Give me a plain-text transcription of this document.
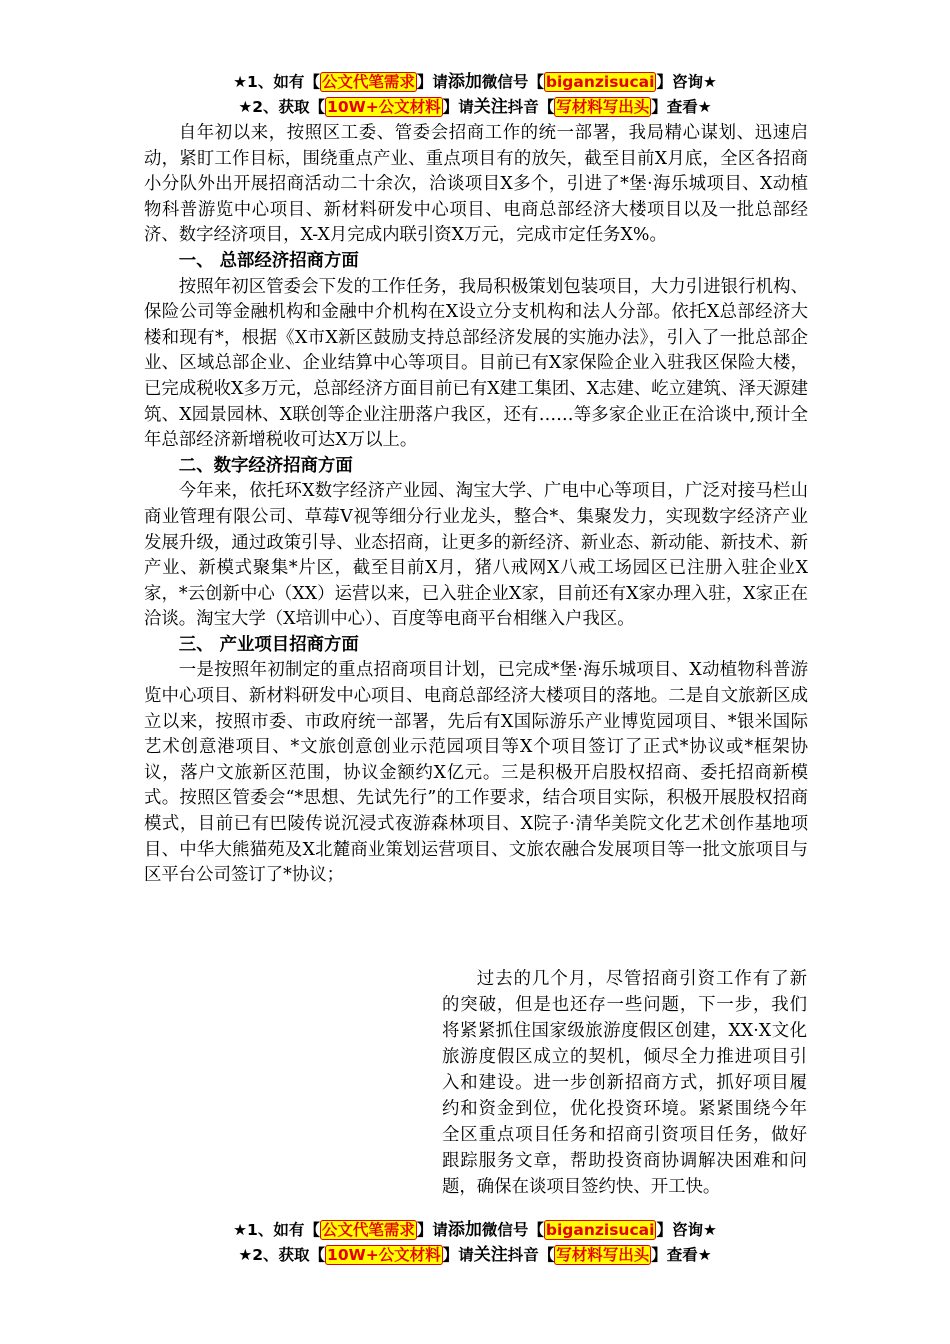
★1、如有【 公文代笔需求 】请添加微信号【 biganzisucai 】咨询★
★2、获取【 10W+公文材料 】请关注抖音【 写材料写出头 】查看★

自年初以来，按照区工委、管委会招商工作的统一部署，我局精心谋划、迅速启动，紧盯工作目标，围绕重点产业、重点项目有的放矢，截至目前X月底，全区各招商小分队外出开展招商活动二十余次，洽谈项目X多个，引进了*堡·海乐城项目、X动植物科普游览中心项目、新材料研发中心项目、电商总部经济大楼项目以及一批总部经济、数字经济项目，X-X月完成内联引资X万元，完成市定任务X%。

一、 总部经济招商方面

按照年初区管委会下发的工作任务，我局积极策划包装项目，大力引进银行机构、保险公司等金融机构和金融中介机构在X设立分支机构和法人分部。依托X总部经济大楼和现有*，根据《X市X新区鼓励支持总部经济发展的实施办法》，引入了一批总部企业、区域总部企业、企业结算中心等项目。目前已有X家保险企业入驻我区保险大楼，已完成税收X多万元，总部经济方面目前已有X建工集团、X志建、屹立建筑、泽天源建筑、X园景园林、X联创等企业注册落户我区，还有……等多家企业正在洽谈中,预计全年总部经济新增税收可达X万以上。

二、数字经济招商方面

今年来，依托环X数字经济产业园、淘宝大学、广电中心等项目，广泛对接马栏山商业管理有限公司、草莓V视等细分行业龙头，整合*、集聚发力，实现数字经济产业发展升级，通过政策引导、业态招商，让更多的新经济、新业态、新动能、新技术、新产业、新模式聚集*片区，截至目前X月，猪八戒网X八戒工场园区已注册入驻企业X家，*云创新中心（XX）运营以来，已入驻企业X家，目前还有X家办理入驻，X家正在洽谈。淘宝大学（X培训中心）、百度等电商平台相继入户我区。

三、 产业项目招商方面

一是按照年初制定的重点招商项目计划，已完成*堡·海乐城项目、X动植物科普游览中心项目、新材料研发中心项目、电商总部经济大楼项目的落地。二是自文旅新区成立以来，按照市委、市政府统一部署，先后有X国际游乐产业博览园项目、*银米国际艺术创意港项目、*文旅创意创业示范园项目等X个项目签订了正式*协议或*框架协议，落户文旅新区范围，协议金额约X亿元。三是积极开启股权招商、委托招商新模式。按照区管委会“*思想、先试先行”的工作要求，结合项目实际，积极开展股权招商模式，目前已有巴陵传说沉浸式夜游森林项目、X院子·清华美院文化艺术创作基地项目、中华大熊猫苑及X北麓商业策划运营项目、文旅农融合发展项目等一批文旅项目与区平台公司签订了*协议；

过去的几个月，尽管招商引资工作有了新的突破，但是也还存一些问题，下一步，我们将紧紧抓住国家级旅游度假区创建，XX·X文化旅游度假区成立的契机，倾尽全力推进项目引入和建设。进一步创新招商方式，抓好项目履约和资金到位，优化投资环境。紧紧围绕今年全区重点项目任务和招商引资项目任务，做好跟踪服务文章，帮助投资商协调解决困难和问题，确保在谈项目签约快、开工快。

★1、如有【 公文代笔需求 】请添加微信号【 biganzisucai 】咨询★
★2、获取【 10W+公文材料 】请关注抖音【 写材料写出头 】查看★
